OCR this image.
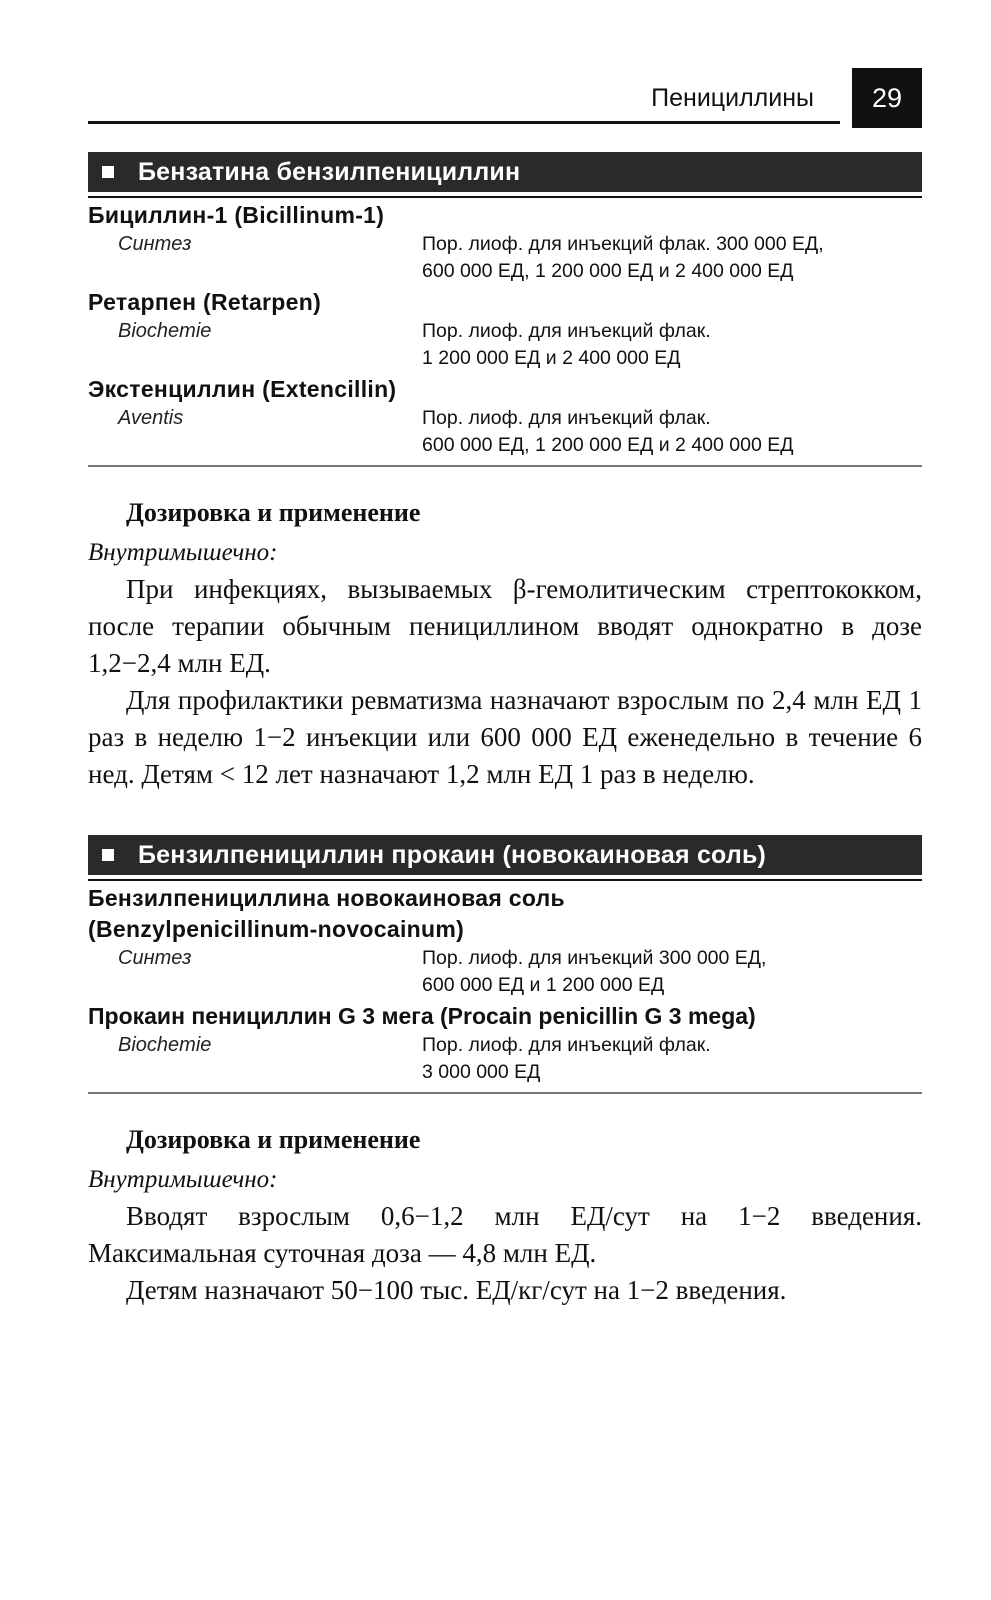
Пенициллины	29
Бензатина бензилпенициллин
Бициллин-1 (Bicillinum-1)
Синтез	Пор. лиоф. для инъекций флак. 300 000 ЕД,
600 000 ЕД, 1 200 000 ЕД и 2 400 000 ЕД
Ретарпен (Retarpen)
Biochemie	Пор. лиоф. для инъекций флак.
1 200 000 ЕД и 2 400 000 ЕД
Экстенциллин (Extencillin)
Aventis	Пор. лиоф. для инъекций флак.
600 000 ЕД, 1 200 000 ЕД и 2 400 000 ЕД
Дозировка и применение
Внутримышечно:

При инфекциях, вызываемых β-гемолитическим стрептококком, после терапии обычным пенициллином вводят однократно в дозе 1,2−2,4 млн ЕД.

Для профилактики ревматизма назначают взрослым по 2,4 млн ЕД 1 раз в неделю 1−2 инъекции или 600 000 ЕД еженедельно в течение 6 нед. Детям < 12 лет назначают 1,2 млн ЕД 1 раз в неделю.

Бензилпенициллин прокаин (новокаиновая соль)
Бензилпенициллина новокаиновая соль
(Benzylpenicillinum-novocainum)
Синтез	Пор. лиоф. для инъекций 300 000 ЕД,
600 000 ЕД и 1 200 000 ЕД
Прокаин пенициллин G 3 мега (Procain penicillin G 3 mega)
Biochemie	Пор. лиоф. для инъекций флак.
3 000 000 ЕД
Дозировка и применение
Внутримышечно:

Вводят взрослым 0,6−1,2 млн ЕД/сут на 1−2 введения. Максимальная суточная доза — 4,8 млн ЕД.

Детям назначают 50−100 тыс. ЕД/кг/сут на 1−2 введения.
